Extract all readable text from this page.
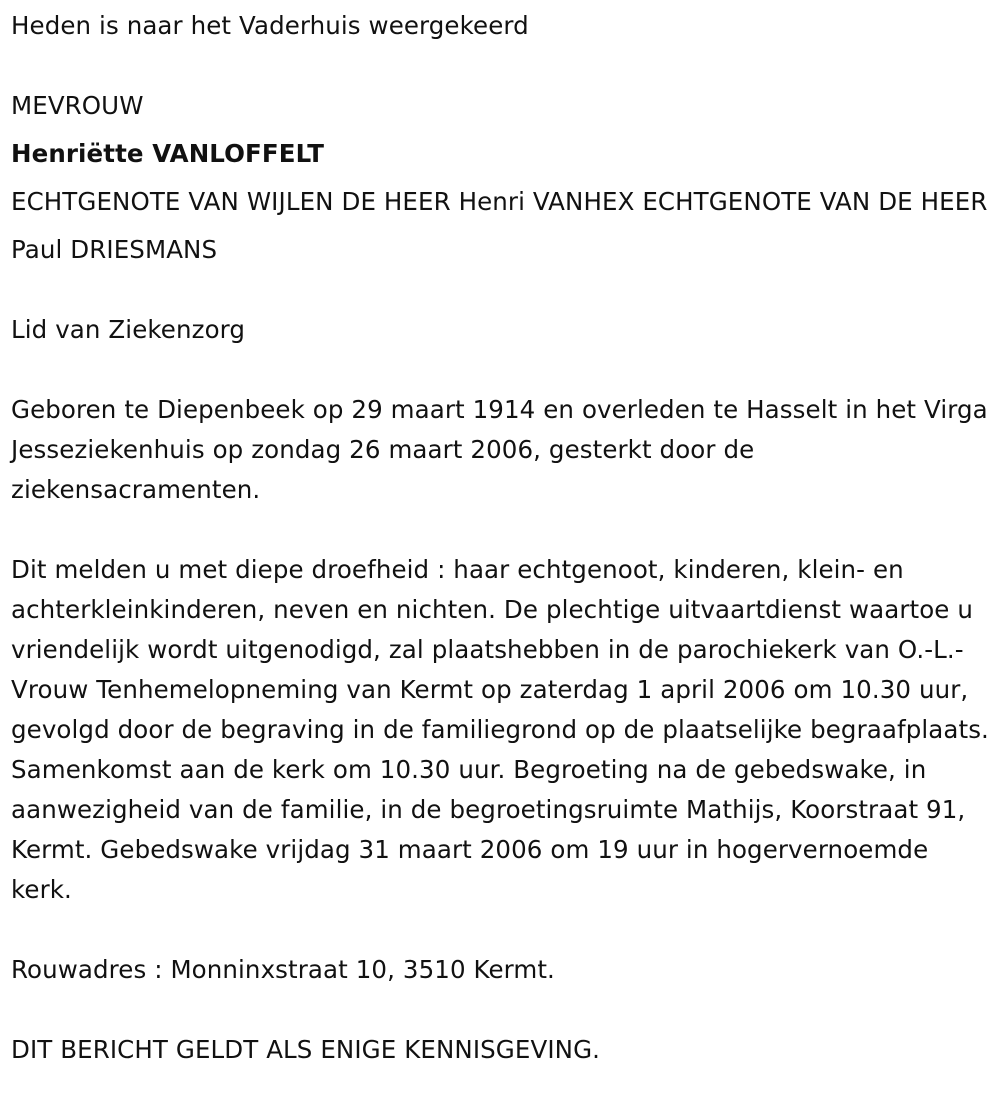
Heden is naar het Vaderhuis weergekeerd

MEVROUW

Henriëtte VANLOFFELT

ECHTGENOTE VAN WIJLEN DE HEER Henri VANHEX ECHTGENOTE VAN DE HEER

Paul DRIESMANS

Lid van Ziekenzorg

Geboren te Diepenbeek op 29 maart 1914 en overleden te Hasselt in het Virga Jesseziekenhuis op zondag 26 maart 2006, gesterkt door de ziekensacramenten.

Dit melden u met diepe droefheid : haar echtgenoot, kinderen, klein- en achterkleinkinderen, neven en nichten. De plechtige uitvaartdienst waartoe u vriendelijk wordt uitgenodigd, zal plaatshebben in de parochiekerk van O.-L.-Vrouw Tenhemelopneming van Kermt op zaterdag 1 april 2006 om 10.30 uur, gevolgd door de begraving in de familiegrond op de plaatselijke begraafplaats. Samenkomst aan de kerk om 10.30 uur. Begroeting na de gebedswake, in aanwezigheid van de familie, in de begroetingsruimte Mathijs, Koorstraat 91, Kermt. Gebedswake vrijdag 31 maart 2006 om 19 uur in hogervernoemde kerk.

Rouwadres : Monninxstraat 10, 3510 Kermt.

DIT BERICHT GELDT ALS ENIGE KENNISGEVING.
